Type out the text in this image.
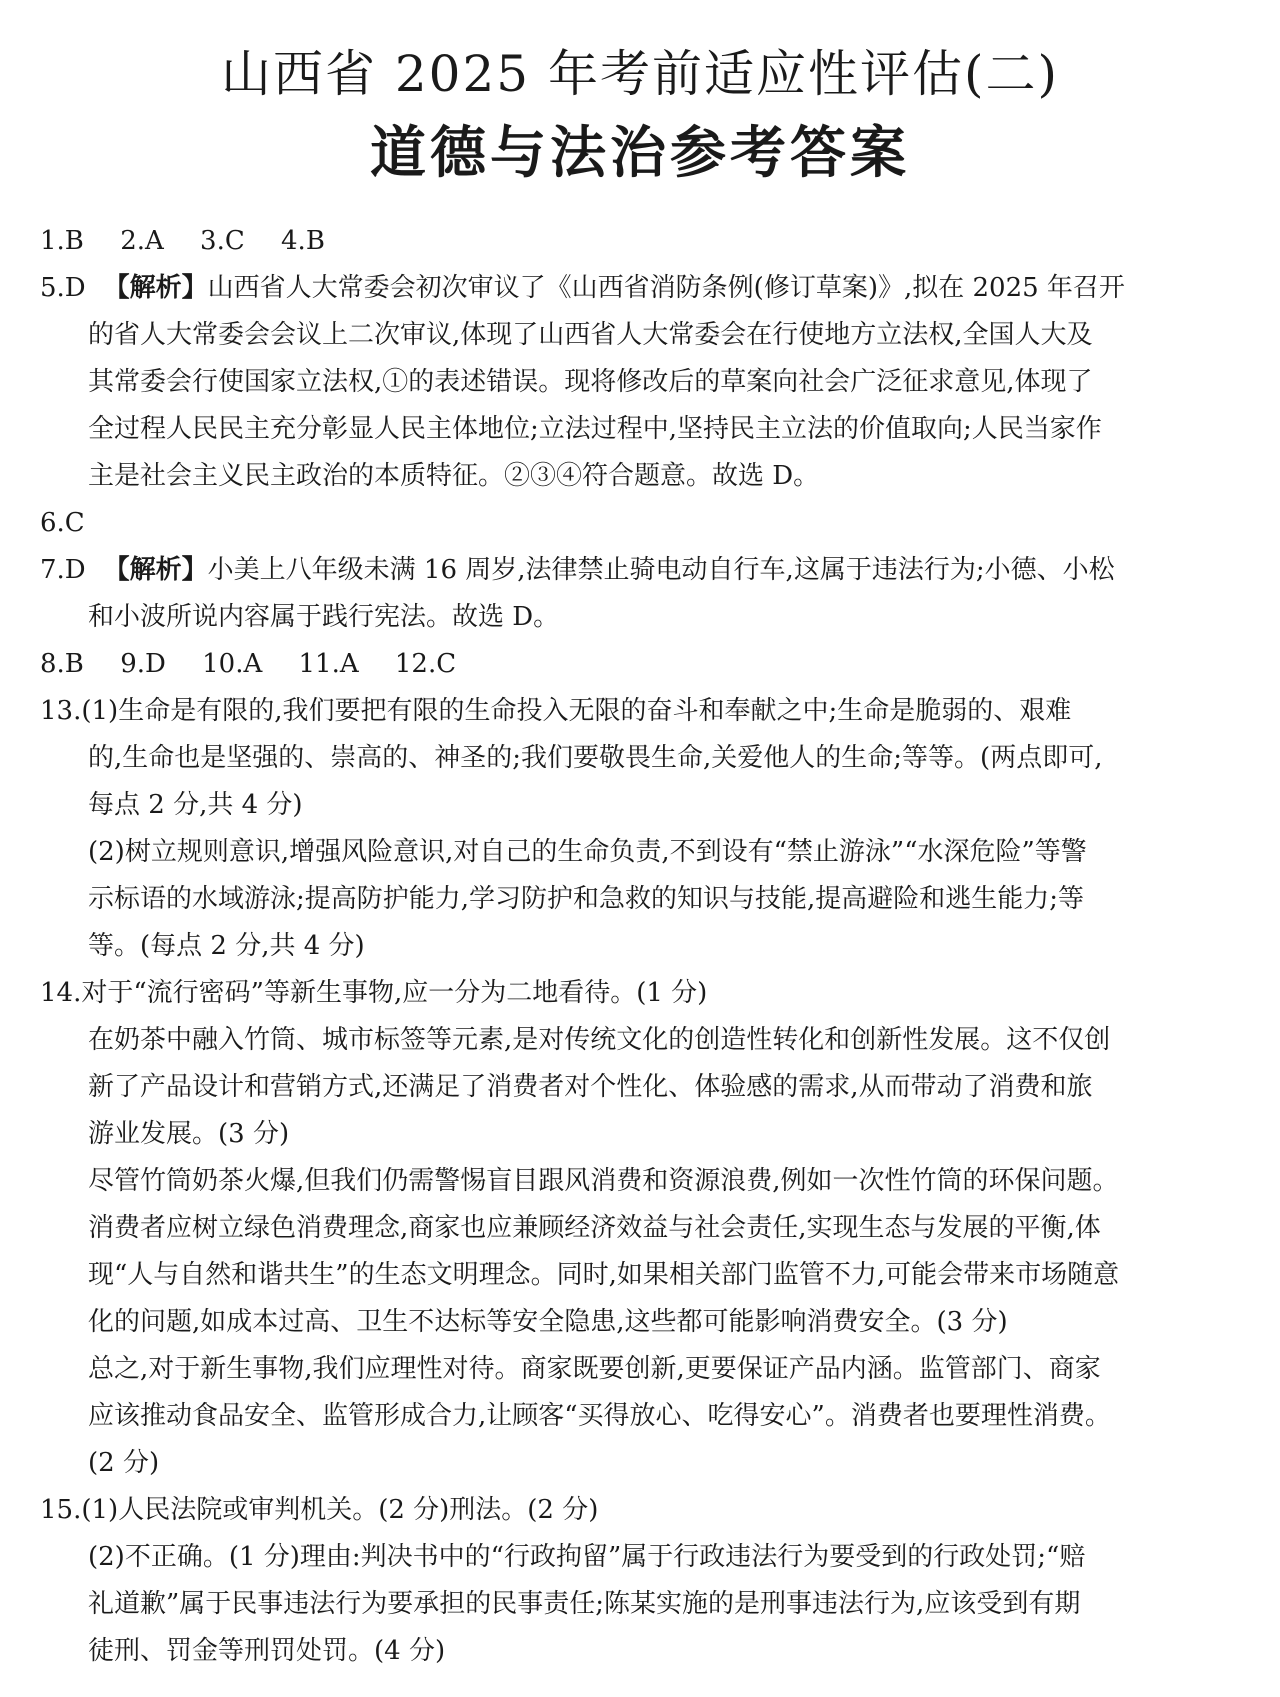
山西省 2025 年考前适应性评估(二)
道德与法治参考答案
1.B 2.A 3.C 4.B
5.D 【解析】山西省人大常委会初次审议了《山西省消防条例(修订草案)》,拟在 2025 年召开
的省人大常委会会议上二次审议,体现了山西省人大常委会在行使地方立法权,全国人大及
其常委会行使国家立法权,①的表述错误。现将修改后的草案向社会广泛征求意见,体现了
全过程人民民主充分彰显人民主体地位;立法过程中,坚持民主立法的价值取向;人民当家作
主是社会主义民主政治的本质特征。②③④符合题意。故选 D。
6.C
7.D 【解析】小美上八年级未满 16 周岁,法律禁止骑电动自行车,这属于违法行为;小德、小松
和小波所说内容属于践行宪法。故选 D。
8.B 9.D 10.A 11.A 12.C
13.(1)生命是有限的,我们要把有限的生命投入无限的奋斗和奉献之中;生命是脆弱的、艰难
的,生命也是坚强的、崇高的、神圣的;我们要敬畏生命,关爱他人的生命;等等。(两点即可,
每点 2 分,共 4 分)
(2)树立规则意识,增强风险意识,对自己的生命负责,不到设有“禁止游泳”“水深危险”等警
示标语的水域游泳;提高防护能力,学习防护和急救的知识与技能,提高避险和逃生能力;等
等。(每点 2 分,共 4 分)
14.对于“流行密码”等新生事物,应一分为二地看待。(1 分)
在奶茶中融入竹筒、城市标签等元素,是对传统文化的创造性转化和创新性发展。这不仅创
新了产品设计和营销方式,还满足了消费者对个性化、体验感的需求,从而带动了消费和旅
游业发展。(3 分)
尽管竹筒奶茶火爆,但我们仍需警惕盲目跟风消费和资源浪费,例如一次性竹筒的环保问题。
消费者应树立绿色消费理念,商家也应兼顾经济效益与社会责任,实现生态与发展的平衡,体
现“人与自然和谐共生”的生态文明理念。同时,如果相关部门监管不力,可能会带来市场随意
化的问题,如成本过高、卫生不达标等安全隐患,这些都可能影响消费安全。(3 分)
总之,对于新生事物,我们应理性对待。商家既要创新,更要保证产品内涵。监管部门、商家
应该推动食品安全、监管形成合力,让顾客“买得放心、吃得安心”。消费者也要理性消费。
(2 分)
15.(1)人民法院或审判机关。(2 分)刑法。(2 分)
(2)不正确。(1 分)理由:判决书中的“行政拘留”属于行政违法行为要受到的行政处罚;“赔
礼道歉”属于民事违法行为要承担的民事责任;陈某实施的是刑事违法行为,应该受到有期
徒刑、罚金等刑罚处罚。(4 分)
